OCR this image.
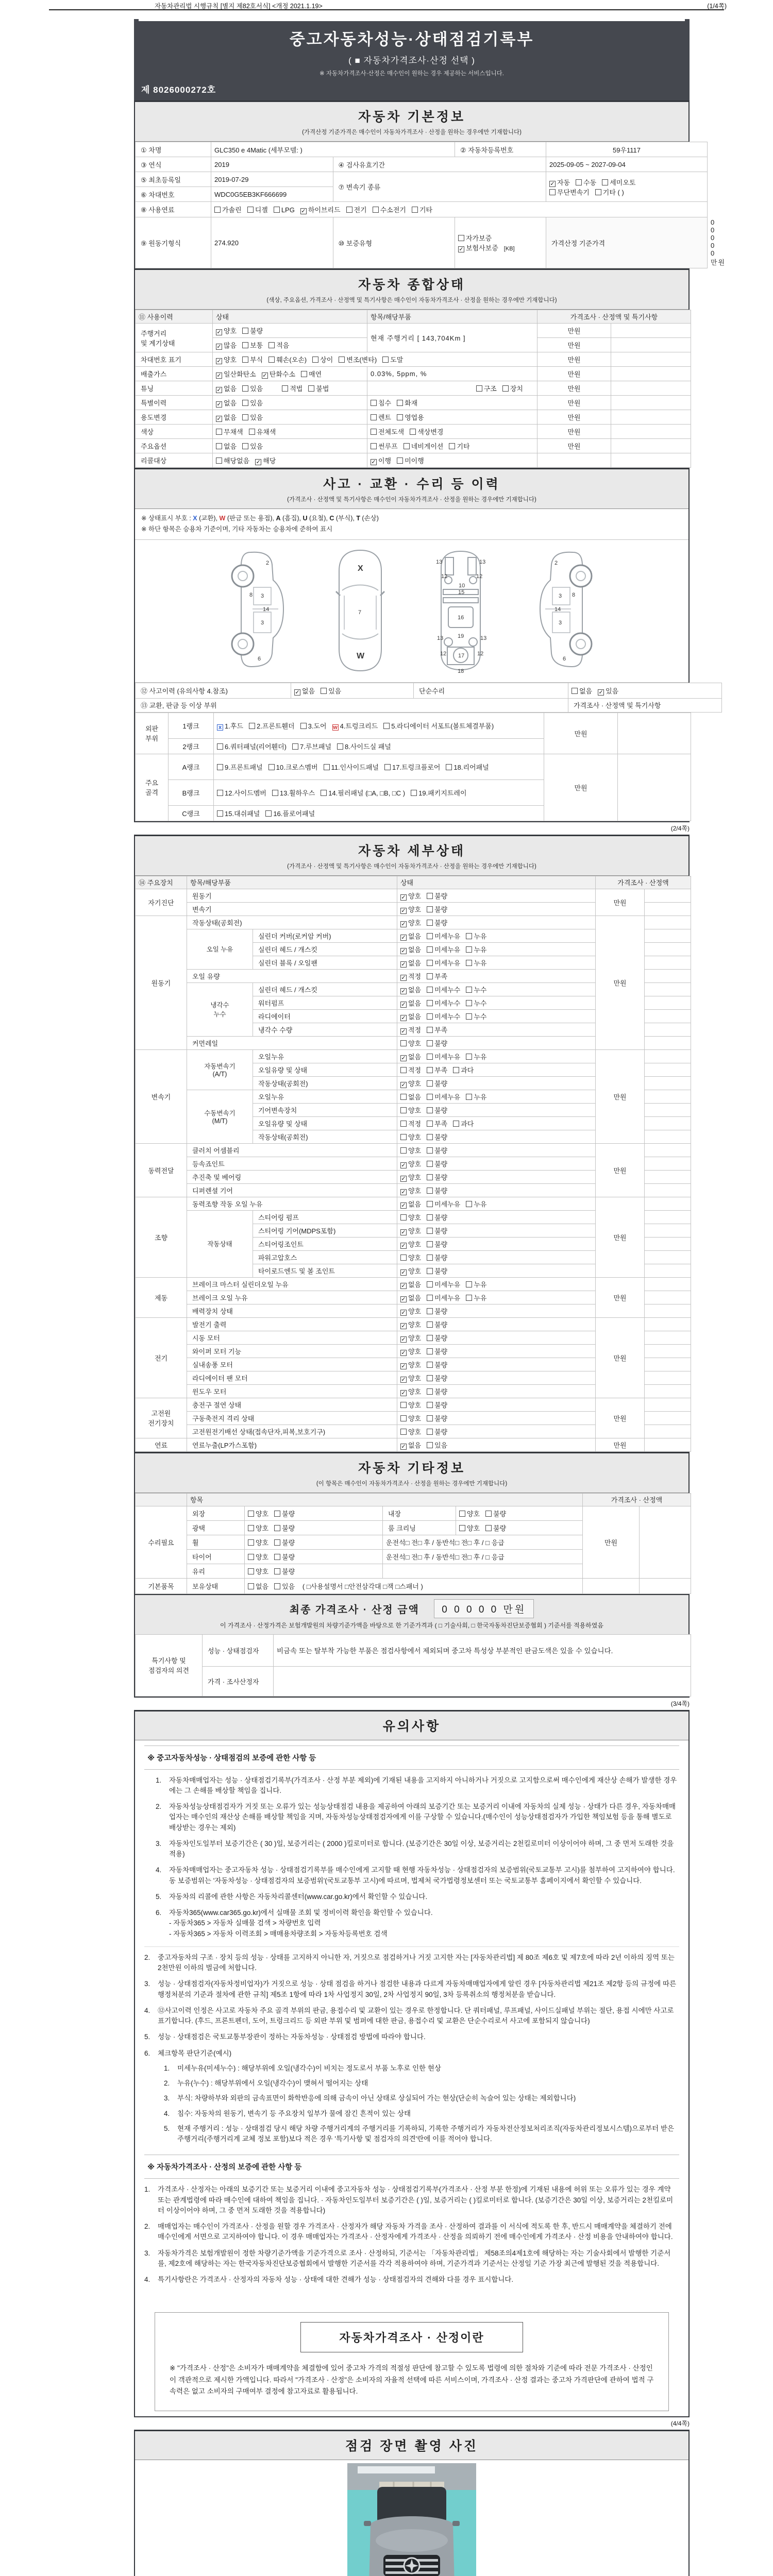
자동차관리법 시행규칙 [별지 제82호서식] <개정 2021.1.19>	(1/4쪽)
중고자동차성능·상태점검기록부
( ■ 자동차가격조사·산정 선택 )
※ 자동차가격조사·산정은 매수인이 원하는 경우 제공하는 서비스입니다.
제 8026000272호
자동차 기본정보
(가격산정 기준가격은 매수인이 자동차가격조사 · 산정을 원하는 경우에만 기재합니다)
① 차명	GLC350 e 4Matic (세부모델: )		② 자동차등록번호	59우1117	
③ 연식	2019	④ 검사유효기간		2025-09-05 ~ 2027-09-04	
⑤ 최초등록일	2019-07-29	⑦ 변속기 종류		✓ 자동 수동 세미오토
무단변속기 기타 ( )	
⑥ 차대번호	WDC0G5EB3KF666699				
⑧ 사용연료	가솔린 디젤 LPG ✓ 하이브리드 전기 수소전기 기타				
⑨ 원동기형식	274.920	⑩ 보증유형	자가보증✓ 보험사보증 [KB]	가격산정 기준가격	0 0 0 0 0 만원
자동차 종합상태
(색상, 주요옵션, 가격조사 · 산정액 및 특기사항은 매수인이 자동차가격조사 · 산정을 원하는 경우에만 기재합니다)
⑪ 사용이력	상태	항목/해당부품	가격조사 · 산정액 및 특기사항	
주행거리
및 계기상태	✓ 양호 불량	현재 주행거리 [ 143,704Km ]	만원	
	✓ 많음 보통 적음		만원	
차대번호 표기	✓ 양호 부식 훼손(오손) 상이 변조(변타) 도말		만원	
배출가스	✓ 일산화탄소 ✓ 탄화수소 매연	0.03%, 5ppm, %	만원	
튜닝	✓ 없음 있음 적법 불법	구조 장치	만원	
특별이력	✓ 없음 있음	침수 화재	만원	
용도변경	✓ 없음 있음	렌트 영업용	만원	
색상	무채색 유채색	전체도색 색상변경	만원	
주요옵션	없음 있음	썬루프 네비게이션 기타	만원	
리콜대상	해당없음 ✓ 해당	✓ 이행 미이행		
사고 · 교환 · 수리 등 이력
(가격조사 · 산정액 및 특기사항은 매수인이 자동차가격조사 · 산정을 원하는 경우에만 기재합니다)
※ 상태표시 부호 : X (교환), W (판금 또는 용접), A (흠집), U (요철), C (부식), T (손상)
※ 하단 항목은 승용차 기준이며, 기타 자동차는 승용차에 준하여 표시
2
8 3
14
3
6
X
7
W
13	13
12	12
10
15
16
13	13
19
17
12	12
18
2
8
3
14
3
6
⑫ 사고이력 (유의사항 4.참조)	✓ 없음 있음	단순수리	없음 ✓ 있음
⑬ 교환, 판금 등 이상 부위			가격조사 · 산정액 및 특기사항
외판
부위	1랭크	x 1.후드 2.프론트휀더 3.도어 w 4.트렁크리드 5.라디에이터 서포트(볼트체결부품)	만원	
	2랭크	6.쿼터패널(리어휀더) 7.루브패널 8.사이드실 패널		
주요
골격	A랭크	9.프론트패널 10.크로스멤버 11.인사이드패널 17.트렁크플로어 18.리어패널	만원	
	B랭크	12.사이드멤버 13.휠하우스 14.필러패널 (□A, □B, □C ) 19.패키지트레이		
	C랭크	15.대쉬패널 16.플로어패널		
(2/4쪽)
자동차 세부상태
(가격조사 · 산정액 및 특기사항은 매수인이 자동차가격조사 · 산정을 원하는 경우에만 기재합니다)
⑭ 주요장치	항목/해당부품		상태	가격조사 · 산정액	
자기진단	원동기		✓ 양호 불량	만원	
	변속기		✓ 양호 불량		
원동기	작동상태(공회전)		✓ 양호 불량	만원	
	오일 누유	실린더 커버(로커암 커버)	✓ 없음 미세누유 누유		
		실린더 헤드 / 개스킷	✓ 없음 미세누유 누유		
		실린더 블록 / 오일팬	✓ 없음 미세누유 누유		
	오일 유량		✓ 적정 부족		
	냉각수
누수	실린더 헤드 / 개스킷	✓ 없음 미세누수 누수		
		워터펌프	✓ 없음 미세누수 누수		
		라디에이터	✓ 없음 미세누수 누수		
		냉각수 수량	✓ 적정 부족		
	커먼레일		양호 불량		
변속기	자동변속기
(A/T)	오일누유	✓ 없음 미세누유 누유	만원	
		오일유량 및 상태	적정 부족 과다		
		작동상태(공회전)	✓ 양호 불량		
	수동변속기
(M/T)	오일누유	없음 미세누유 누유		
		기어변속장치	양호 불량		
		오일유량 및 상태	적정 부족 과다		
		작동상태(공회전)	양호 불량		
동력전달	클러치 어셈블리		양호 불량	만원	
	등속죠인트		✓ 양호 불량		
	추진축 및 베어링		✓ 양호 불량		
	디퍼렌셜 기어		✓ 양호 불량		
조향	동력조향 작동 오일 누유		✓ 없음 미세누유 누유	만원	
	작동상태	스티어링 펌프	양호 불량		
		스티어링 기어(MDPS포함)	✓ 양호 불량		
		스티어링조인트	✓ 양호 불량		
		파워고압호스	양호 불량		
		타이로드엔드 및 볼 조인트	✓ 양호 불량		
제동	브레이크 마스터 실린더오일 누유		✓ 없음 미세누유 누유	만원	
	브레이크 오일 누유		✓ 없음 미세누유 누유		
	배력장치 상태		✓ 양호 불량		
전기	발전기 출력		✓ 양호 불량	만원	
	시동 모터		✓ 양호 불량		
	와이퍼 모터 기능		✓ 양호 불량		
	실내송풍 모터		✓ 양호 불량		
	라디에이터 팬 모터		✓ 양호 불량		
	윈도우 모터		✓ 양호 불량		
고전원
전기장치	충전구 절연 상태		양호 불량	만원	
	구동축전지 격리 상태		양호 불량		
	고전원전기배선 상태(접속단자,피복,보호기구)		양호 불량		
연료	연료누출(LP가스포함)		✓ 없음 있음	만원	
자동차 기타정보
(이 항목은 매수인이 자동차가격조사 · 산정을 원하는 경우에만 기재합니다)
	항목				가격조사 · 산정액	
수리필요	외장	양호 불량	내장	양호 불량	만원	
	광택	양호 불량	룸 크리닝	양호 불량		
	휠	양호 불량	운전석□ 전□ 후 / 동반석□ 전□ 후 / □ 응급			
	타이어	양호 불량	운전석□ 전□ 후 / 동반석□ 전□ 후 / □ 응급			
	유리	양호 불량				
기본품목	보유상태	없음 있음 ( □사용설명서 □안전삼각대 □잭 □스패너 )				
최종 가격조사 · 산정 금액 0 0 0 0 0 만원
이 가격조사 · 산정가격은 보험개발원의 차량기준가액을 바탕으로 한 기준가격과 ( □ 기술사회, □ 한국자동차진단보증협회 ) 기준서를 적용하였음
특기사항 및
점검자의 의견	성능 · 상태점검자	비금속 또는 탈부착 가능한 부품은 점검사항에서 제외되며 중고차 특성상 부분적인 판금도색은 있을 수 있습니다.
	가격 · 조사산정자	
(3/4쪽)
유의사항
※ 중고자동차성능 · 상태점검의 보증에 관한 사항 등
1.	자동차매매업자는 성능 · 상태점검기록부(가격조사 · 산정 부분 제외)에 기재된 내용을 고지하지 아니하거나 거짓으로 고지함으로써 매수인에게 재산상 손해가 발생한 경우에는 그 손해를 배상할 책임을 집니다.
2.	자동차성능상태점검자가 거짓 또는 오류가 있는 성능상태점검 내용을 제공하여 아래의 보증기간 또는 보증거리 이내에 자동차의 실제 성능 · 상태가 다른 경우, 자동차매매업자는 매수인의 재산상 손해를 배상할 책임을 지며, 자동차성능상태점검자에게 이를 구상할 수 있습니다.(매수인이 성능상태점검자가 가입한 책임보험 등을 통해 별도로 배상받는 경우는 제외)
3.	자동차인도일부터 보증기간은 ( 30 )일, 보증거리는 ( 2000 )킬로미터로 합니다. (보증기간은 30일 이상, 보증거리는 2천킬로미터 이상이어야 하며, 그 중 먼저 도래한 것을 적용)
4.	자동차매매업자는 중고자동차 성능 · 상태점검기록부를 매수인에게 고지할 때 현행 자동차성능 · 상태점검자의 보증범위(국토교통부 고시)를 첨부하여 고지하여야 합니다. 동 보증범위는 '자동차성능 · 상태점검자의 보증범위'(국토교통부 고시)에 따르며, 법제처 국가법령정보센터 또는 국토교통부 홈페이지에서 확인할 수 있습니다.
5.	자동차의 리콜에 관한 사항은 자동차리콜센터(www.car.go.kr)에서 확인할 수 있습니다.
6.	자동차365(www.car365.go.kr)에서 실매물 조회 및 정비이력 확인을 확인할 수 있습니다.
- 자동차365 > 자동차 실매물 검색 > 차량번호 입력
- 자동차365 > 자동차 이력조회 > 매매용차량조회 > 자동차등록번호 검색
2.	중고자동차의 구조 · 장치 등의 성능 · 상태를 고지하지 아니한 자, 거짓으로 점검하거나 거짓 고지한 자는 [자동차관리법] 제 80조 제6호 및 제7호에 따라 2년 이하의 징역 또는 2천만원 이하의 벌금에 처합니다.
3.	성능 · 상태점검자(자동차정비업자)가 거짓으로 성능 · 상태 점검을 하거나 점검한 내용과 다르게 자동차매매업자에게 알린 경우 [자동차관리법 제21조 제2항 등의 규정에 따른 행정처분의 기준과 절차에 관한 규칙] 제5조 1항에 따라 1차 사업정지 30일, 2차 사업정지 90일, 3차 등록취소의 행정처분을 받습니다.
4.	⑫사고이력 인정은 사고로 자동차 주요 골격 부위의 판금, 용접수리 및 교환이 있는 경우로 한정합니다. 단 쿼터패널, 루프패널, 사이드실패널 부위는 절단, 용접 시에만 사고로 표기합니다. (후드, 프론트펜더, 도어, 트렁크리드 등 외판 부위 및 범퍼에 대한 판금, 용접수리 및 교환은 단순수리로서 사고에 포함되지 않습니다)
5.	성능 · 상태점검은 국토교통부장관이 정하는 자동차성능 · 상태점검 방법에 따라야 합니다.
6.	체크항목 판단기준(예시)
1.	미세누유(미세누수) : 해당부위에 오일(냉각수)이 비치는 정도로서 부품 노후로 인한 현상
2.	누유(누수) : 해당부위에서 오일(냉각수)이 맺혀서 떨어지는 상태
3.	부식: 차량하부와 외판의 금속표면이 화학반응에 의해 금속이 아닌 상태로 상실되어 가는 현상(단순히 녹슬어 있는 상태는 제외합니다)
4.	침수: 자동차의 원동기, 변속기 등 주요장치 일부가 물에 잠긴 흔적이 있는 상태
5.	현재 주행거리 : 성능 · 상태점검 당시 해당 차량 주행거리계의 주행거리를 기록하되, 기록한 주행거리가 자동차전산정보처리조직(자동차관리정보시스템)으로부터 받은 주행거리(주행거리계 교체 정보 포함)보다 적은 경우 '특기사항 및 점검자의 의견'란에 이를 적어야 합니다.
※ 자동차가격조사 · 산정의 보증에 관한 사항 등
1.	가격조사 · 산정자는 아래의 보증기간 또는 보증거리 이내에 중고자동차 성능 · 상태점검기록부(가격조사 · 산정 부분 한정)에 기재된 내용에 허위 또는 오류가 있는 경우 계약 또는 관계법령에 따라 매수인에 대하여 책임을 집니다. · 자동차인도일부터 보증기간은 ( )일, 보증거리는 ( )킬로미터로 합니다. (보증기간은 30일 이상, 보증거리는 2천킬로미터 이상이어야 하며, 그 중 먼저 도래한 것을 적용합니다)
2.	매매업자는 매수인이 가격조사 · 산정을 원할 경우 가격조사 · 산정자가 해당 자동차 가격을 조사 · 산정하여 결과를 이 서식에 적도록 한 후, 반드시 매매계약을 체결하기 전에 매수인에게 서면으로 고지하여야 합니다. 이 경우 매매업자는 가격조사 · 산정자에게 가격조사 · 산정을 의뢰하기 전에 매수인에게 가격조사 · 산정 비용을 안내하여야 합니다.
3.	자동차가격은 보험개발원이 정한 차량기준가액을 기준가격으로 조사 · 산정하되, 기준서는 「자동차관리법」 제58조의4제1호에 해당하는 자는 기술사회에서 발행한 기준서를, 제2호에 해당하는 자는 한국자동차진단보증협회에서 발행한 기준서를 각각 적용하여야 하며, 기준가격과 기준서는 산정일 기준 가장 최근에 발행된 것을 적용합니다.
4.	특기사항란은 가격조사 · 산정자의 자동차 성능 · 상태에 대한 견해가 성능 · 상태점검자의 견해와 다를 경우 표시합니다.
자동차가격조사 · 산정이란
※ "가격조사 · 산정"은 소비자가 매매계약을 체결함에 있어 중고차 가격의 적절성 판단에 참고할 수 있도록 법령에 의한 절차와 기준에 따라 전문 가격조사 · 산정인이 객관적으로 제시한 가액입니다. 따라서 "가격조사 · 산정"은 소비자의 자율적 선택에 따른 서비스이며, 가격조사 · 산정 결과는 중고차 가격판단에 관하여 법적 구속력은 없고 소비자의 구매여부 결정에 참고자료로 활용됩니다.
(4/4쪽)
점검 장면 촬영 사진
